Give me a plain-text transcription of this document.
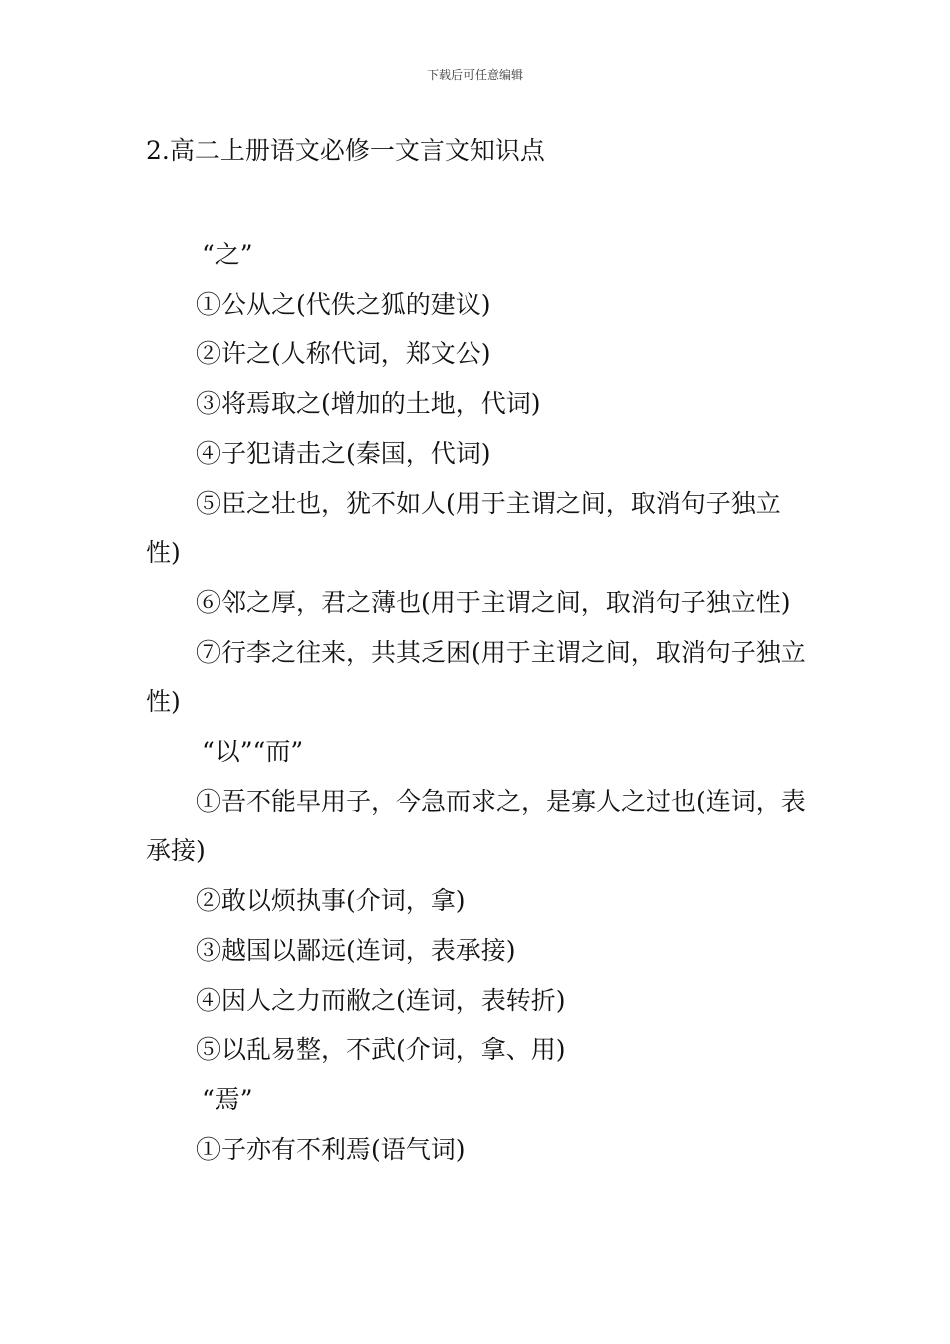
下载后可任意编辑
2.高二上册语文必修一文言文知识点

“之”

①公从之(代佚之狐的建议)

②许之(人称代词，郑文公)

③将焉取之(增加的土地，代词)

④子犯请击之(秦国，代词)

⑤臣之壮也，犹不如人(用于主谓之间，取消句子独立性)

⑥邻之厚，君之薄也(用于主谓之间，取消句子独立性)

⑦行李之往来，共其乏困(用于主谓之间，取消句子独立性)

“以”“而”

①吾不能早用子，今急而求之，是寡人之过也(连词，表承接)

②敢以烦执事(介词，拿)

③越国以鄙远(连词，表承接)

④因人之力而敝之(连词，表转折)

⑤以乱易整，不武(介词，拿、用)

“焉”

①子亦有不利焉(语气词)
